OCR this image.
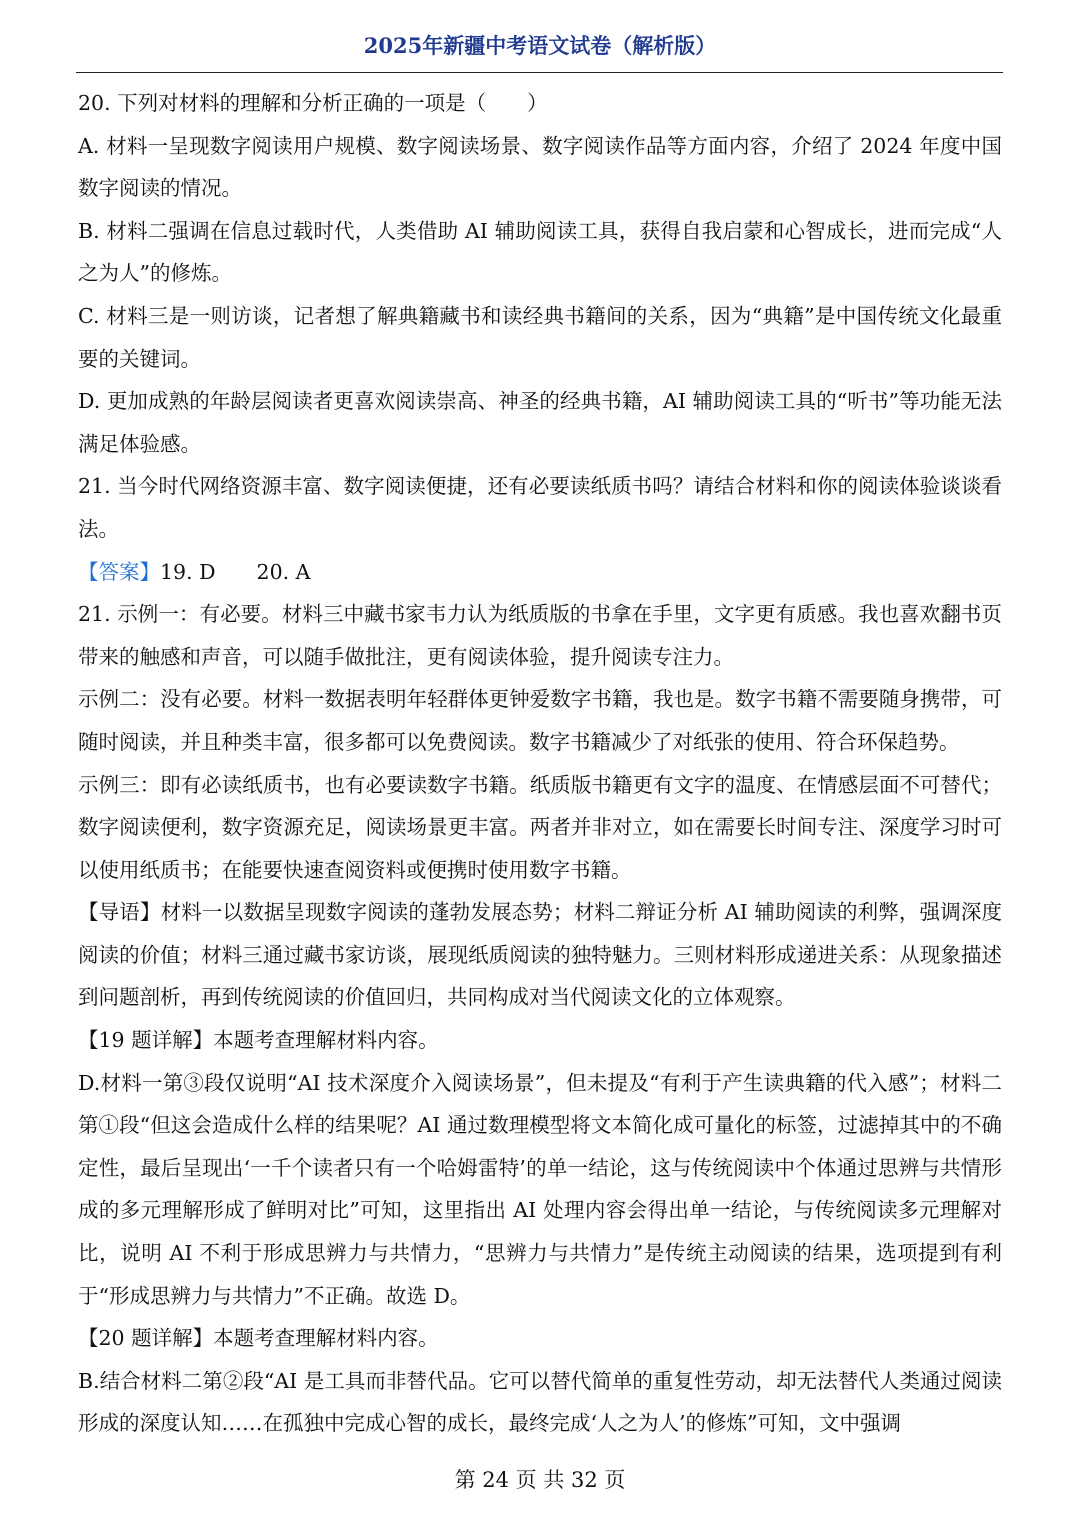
2025年新疆中考语文试卷（解析版）

20. 下列对材料的理解和分析正确的一项是（　　）

A. 材料一呈现数字阅读用户规模、数字阅读场景、数字阅读作品等方面内容，介绍了 2024 年度中国数字阅读的情况。

B. 材料二强调在信息过载时代，人类借助 AI 辅助阅读工具，获得自我启蒙和心智成长，进而完成“人之为人”的修炼。

C. 材料三是一则访谈，记者想了解典籍藏书和读经典书籍间的关系，因为“典籍”是中国传统文化最重要的关键词。

D. 更加成熟的年龄层阅读者更喜欢阅读崇高、神圣的经典书籍，AI 辅助阅读工具的“听书”等功能无法满足体验感。

21. 当今时代网络资源丰富、数字阅读便捷，还有必要读纸质书吗？请结合材料和你的阅读体验谈谈看法。

【答案】19. D　　20. A

21. 示例一：有必要。材料三中藏书家韦力认为纸质版的书拿在手里，文字更有质感。我也喜欢翻书页带来的触感和声音，可以随手做批注，更有阅读体验，提升阅读专注力。

示例二：没有必要。材料一数据表明年轻群体更钟爱数字书籍，我也是。数字书籍不需要随身携带，可随时阅读，并且种类丰富，很多都可以免费阅读。数字书籍减少了对纸张的使用、符合环保趋势。

示例三：即有必读纸质书，也有必要读数字书籍。纸质版书籍更有文字的温度、在情感层面不可替代；数字阅读便利，数字资源充足，阅读场景更丰富。两者并非对立，如在需要长时间专注、深度学习时可以使用纸质书；在能要快速查阅资料或便携时使用数字书籍。

【导语】材料一以数据呈现数字阅读的蓬勃发展态势；材料二辩证分析 AI 辅助阅读的利弊，强调深度阅读的价值；材料三通过藏书家访谈，展现纸质阅读的独特魅力。三则材料形成递进关系：从现象描述到问题剖析，再到传统阅读的价值回归，共同构成对当代阅读文化的立体观察。

【19 题详解】本题考查理解材料内容。

D.材料一第③段仅说明“AI 技术深度介入阅读场景”，但未提及“有利于产生读典籍的代入感”；材料二第①段“但这会造成什么样的结果呢？AI 通过数理模型将文本简化成可量化的标签，过滤掉其中的不确定性，最后呈现出‘一千个读者只有一个哈姆雷特’的单一结论，这与传统阅读中个体通过思辨与共情形成的多元理解形成了鲜明对比”可知，这里指出 AI 处理内容会得出单一结论，与传统阅读多元理解对比，说明 AI 不利于形成思辨力与共情力，“思辨力与共情力”是传统主动阅读的结果，选项提到有利于“形成思辨力与共情力”不正确。故选 D。

【20 题详解】本题考查理解材料内容。

B.结合材料二第②段“AI 是工具而非替代品。它可以替代简单的重复性劳动，却无法替代人类通过阅读形成的深度认知……在孤独中完成心智的成长，最终完成‘人之为人’的修炼”可知，文中强调

第 24 页 共 32 页
